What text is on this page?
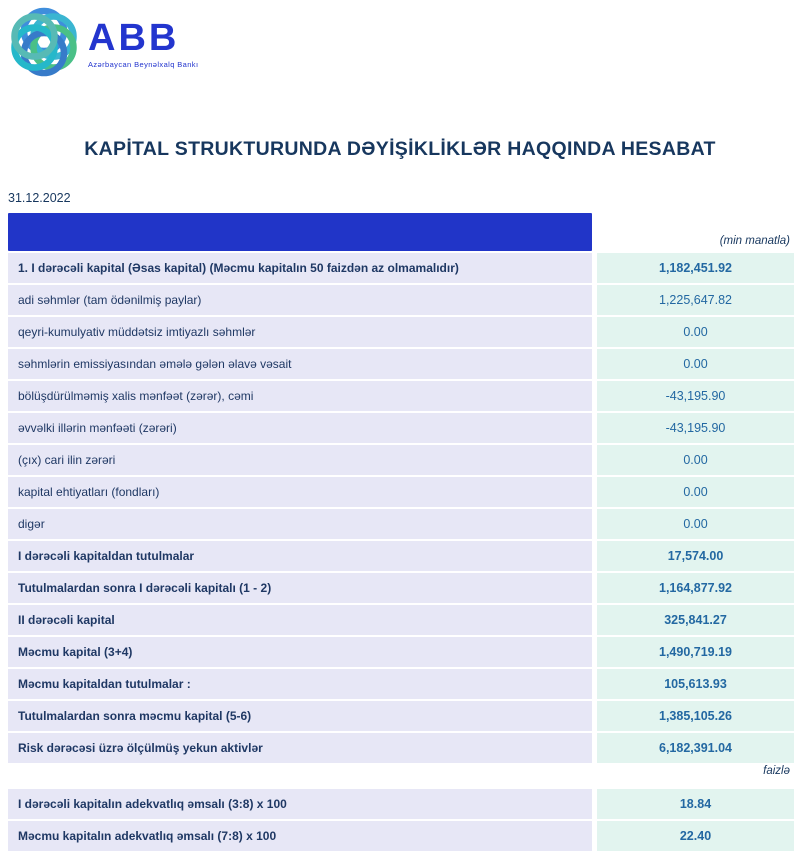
ABB
Azərbaycan Beynəlxalq Bankı
KAPİTAL STRUKTURUNDA DƏYİŞİKLİKLƏR HAQQINDA HESABAT
31.12.2022
(min manatla)
1. I dərəcəli kapital (Əsas kapital) (Məcmu kapitalın 50 faizdən az olmamalıdır)	1,182,451.92
adi səhmlər (tam ödənilmiş paylar)	1,225,647.82
qeyri-kumulyativ müddətsiz imtiyazlı səhmlər	0.00
səhmlərin emissiyasından əmələ gələn əlavə vəsait	0.00
bölüşdürülməmiş xalis mənfəət (zərər), cəmi	-43,195.90
əvvəlki illərin mənfəəti (zərəri)	-43,195.90
(çıx) cari ilin zərəri	0.00
kapital ehtiyatları (fondları)	0.00
digər	0.00
I dərəcəli kapitaldan tutulmalar	17,574.00
Tutulmalardan sonra I dərəcəli kapitalı (1 - 2)	1,164,877.92
II dərəcəli kapital	325,841.27
Məcmu kapital (3+4)	1,490,719.19
Məcmu kapitaldan tutulmalar :	105,613.93
Tutulmalardan sonra məcmu kapital (5-6)	1,385,105.26
Risk dərəcəsi üzrə ölçülmüş yekun aktivlər	6,182,391.04
faizlə
I dərəcəli kapitalın adekvatlıq əmsalı (3:8) x 100	18.84
Məcmu kapitalın adekvatlıq əmsalı (7:8) x 100	22.40
